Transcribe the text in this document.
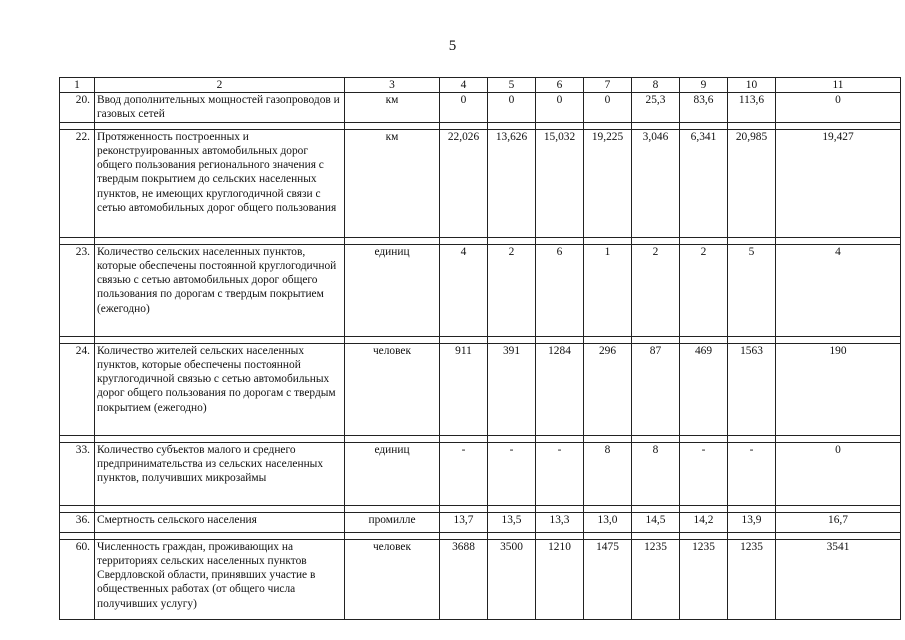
5
1	2	3	4	5	6	7	8	9	10	11
20.	Ввод дополнительных мощностей газопроводов и газовых сетей	км	0	0	0	0	25,3	83,6	113,6	0

22.	Протяженность построенных и реконструированных автомобильных дорог общего пользования регионального значения с твердым покрытием до сельских населенных пунктов, не имеющих круглогодичной связи с сетью автомобильных дорог общего пользования	км	22,026	13,626	15,032	19,225	3,046	6,341	20,985	19,427

23.	Количество сельских населенных пунктов, которые обеспечены постоянной круглогодичной связью с сетью автомобильных дорог общего пользования по дорогам с твердым покрытием (ежегодно)	единиц	4	2	6	1	2	2	5	4

24.	Количество жителей сельских населенных пунктов, которые обеспечены постоянной круглогодичной связью с сетью автомобильных дорог общего пользования по дорогам с твердым покрытием (ежегодно)	человек	911	391	1284	296	87	469	1563	190

33.	Количество субъектов малого и среднего предпринимательства из сельских населенных пунктов, получивших микрозаймы	единиц	-	-	-	8	8	-	-	0

36.	Смертность сельского населения	промилле	13,7	13,5	13,3	13,0	14,5	14,2	13,9	16,7

60.	Численность граждан, проживающих на территориях сельских населенных пунктов Свердловской области, принявших участие в общественных работах (от общего числа получивших услугу)	человек	3688	3500	1210	1475	1235	1235	1235	3541
